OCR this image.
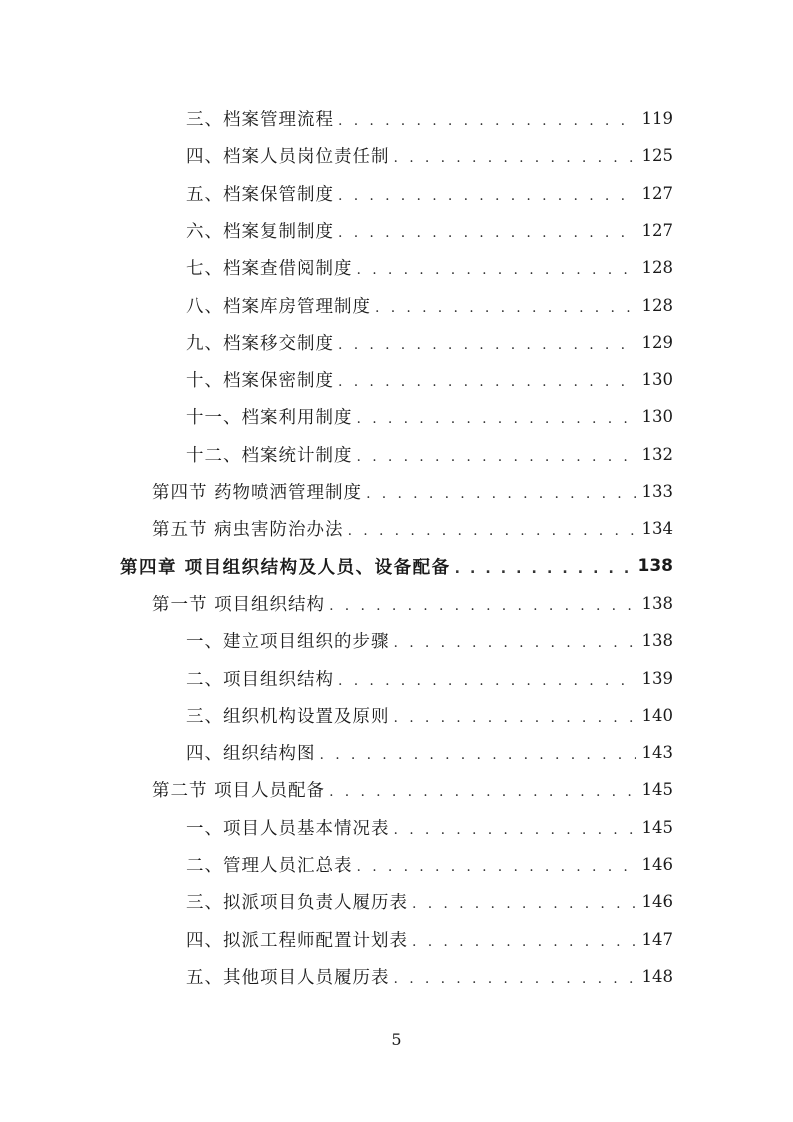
三、档案管理流程 . . .	119
四、档案人员岗位责任制 . . .	125
五、档案保管制度 . . .	127
六、档案复制制度 . . .	127
七、档案查借阅制度 . . .	128
八、档案库房管理制度 . . .	128
九、档案移交制度 . . .	129
十、档案保密制度 . . .	130
十一、档案利用制度 . . .	130
十二、档案统计制度 . . .	132
第四节 药物喷洒管理制度 . . .	133
第五节 病虫害防治办法 . . .	134
第四章 项目组织结构及人员、设备配备 . . .	138
第一节 项目组织结构 . . .	138
一、建立项目组织的步骤 . . .	138
二、项目组织结构 . . .	139
三、组织机构设置及原则 . . .	140
四、组织结构图 . . .	143
第二节 项目人员配备 . . .	145
一、项目人员基本情况表 . . .	145
二、管理人员汇总表 . . .	146
三、拟派项目负责人履历表 . . .	146
四、拟派工程师配置计划表 . . .	147
五、其他项目人员履历表 . . .	148
5
